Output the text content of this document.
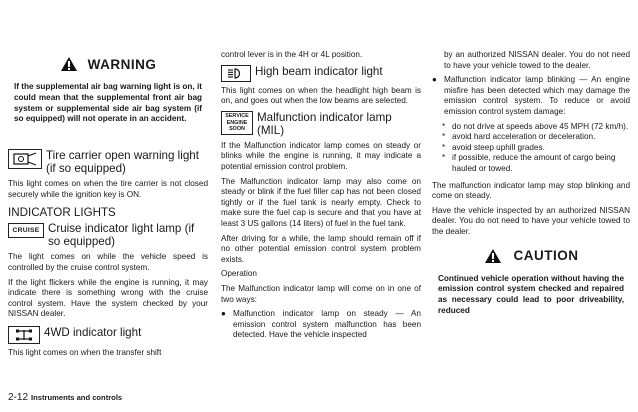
WARNING
If the supplemental air bag warning light is on, it could mean that the supplemental front air bag system or supplemental side air bag system (if so equipped) will not operate in an accident.
Tire carrier open warning light (if so equipped)

This light comes on when the tire carrier is not closed securely while the ignition key is ON.

INDICATOR LIGHTS
CRUISE Cruise indicator light lamp (if so equipped)

The light comes on while the vehicle speed is controlled by the cruise control system.

If the light flickers while the engine is running, it may indicate there is something wrong with the cruise control system. Have the system checked by your NISSAN dealer.

4WD indicator light

This light comes on when the transfer shift

control lever is in the 4H or 4L position.

High beam indicator light

This light comes on when the headlight high beam is on, and goes out when the low beams are selected.

SERVICE
ENGINE
SOON
Malfunction indicator lamp (MIL)

If the Malfunction indicator lamp comes on steady or blinks while the engine is running, it may indicate a potential emission control problem.

The Malfunction indicator lamp may also come on steady or blink if the fuel filler cap has not been closed tightly or if the fuel tank is nearly empty. Check to make sure the fuel cap is secure and that you have at least 3 US gallons (14 liters) of fuel in the fuel tank.

After driving for a while, the lamp should remain off if no other potential emission control system problem exists.

Operation

The Malfunction indicator lamp will come on in one of two ways:

● Malfunction indicator lamp on steady — An emission control system malfunction has been detected. Have the vehicle inspected

by an authorized NISSAN dealer. You do not need to have your vehicle towed to the dealer.

● Malfunction indicator lamp blinking — An engine misfire has been detected which may damage the emission control system. To reduce or avoid emission control system damage:
* do not drive at speeds above 45 MPH (72 km/h).
* avoid hard acceleration or deceleration.
* avoid steep uphill grades.
* if possible, reduce the amount of cargo being hauled or towed.

The malfunction indicator lamp may stop blinking and come on steady.

Have the vehicle inspected by an authorized NISSAN dealer. You do not need to have your vehicle towed to the dealer.

CAUTION
Continued vehicle operation without having the emission control system checked and repaired as necessary could lead to poor driveability, reduced
2-12 Instruments and controls
